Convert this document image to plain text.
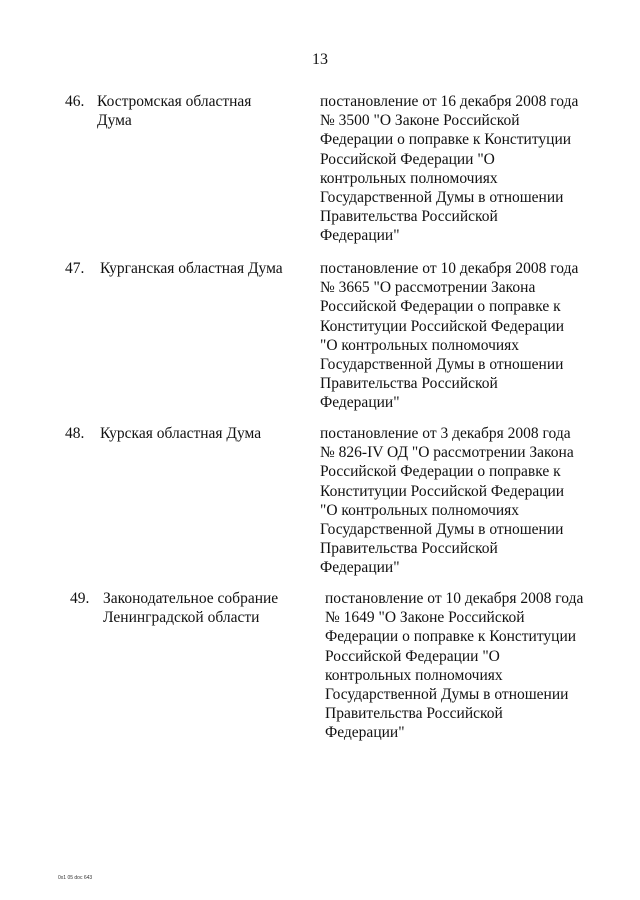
13
46. Костромская областная
Дума
постановление от 16 декабря 2008 года
№ 3500 "О Законе Российской
Федерации о поправке к Конституции
Российской Федерации "О
контрольных полномочиях
Государственной Думы в отношении
Правительства Российской
Федерации"
47. Курганская областная Дума	постановление от 10 декабря 2008 года
№ 3665 "О рассмотрении Закона
Российской Федерации о поправке к
Конституции Российской Федерации
"О контрольных полномочиях
Государственной Думы в отношении
Правительства Российской
Федерации"
48. Курская областная Дума	постановление от 3 декабря 2008 года
№ 826-IV ОД "О рассмотрении Закона
Российской Федерации о поправке к
Конституции Российской Федерации
"О контрольных полномочиях
Государственной Думы в отношении
Правительства Российской
Федерации"
49. Законодательное собрание
Ленинградской области
постановление от 10 декабря 2008 года
№ 1649 "О Законе Российской
Федерации о поправке к Конституции
Российской Федерации "О
контрольных полномочиях
Государственной Думы в отношении
Правительства Российской
Федерации"
0x1 05 doc 643
